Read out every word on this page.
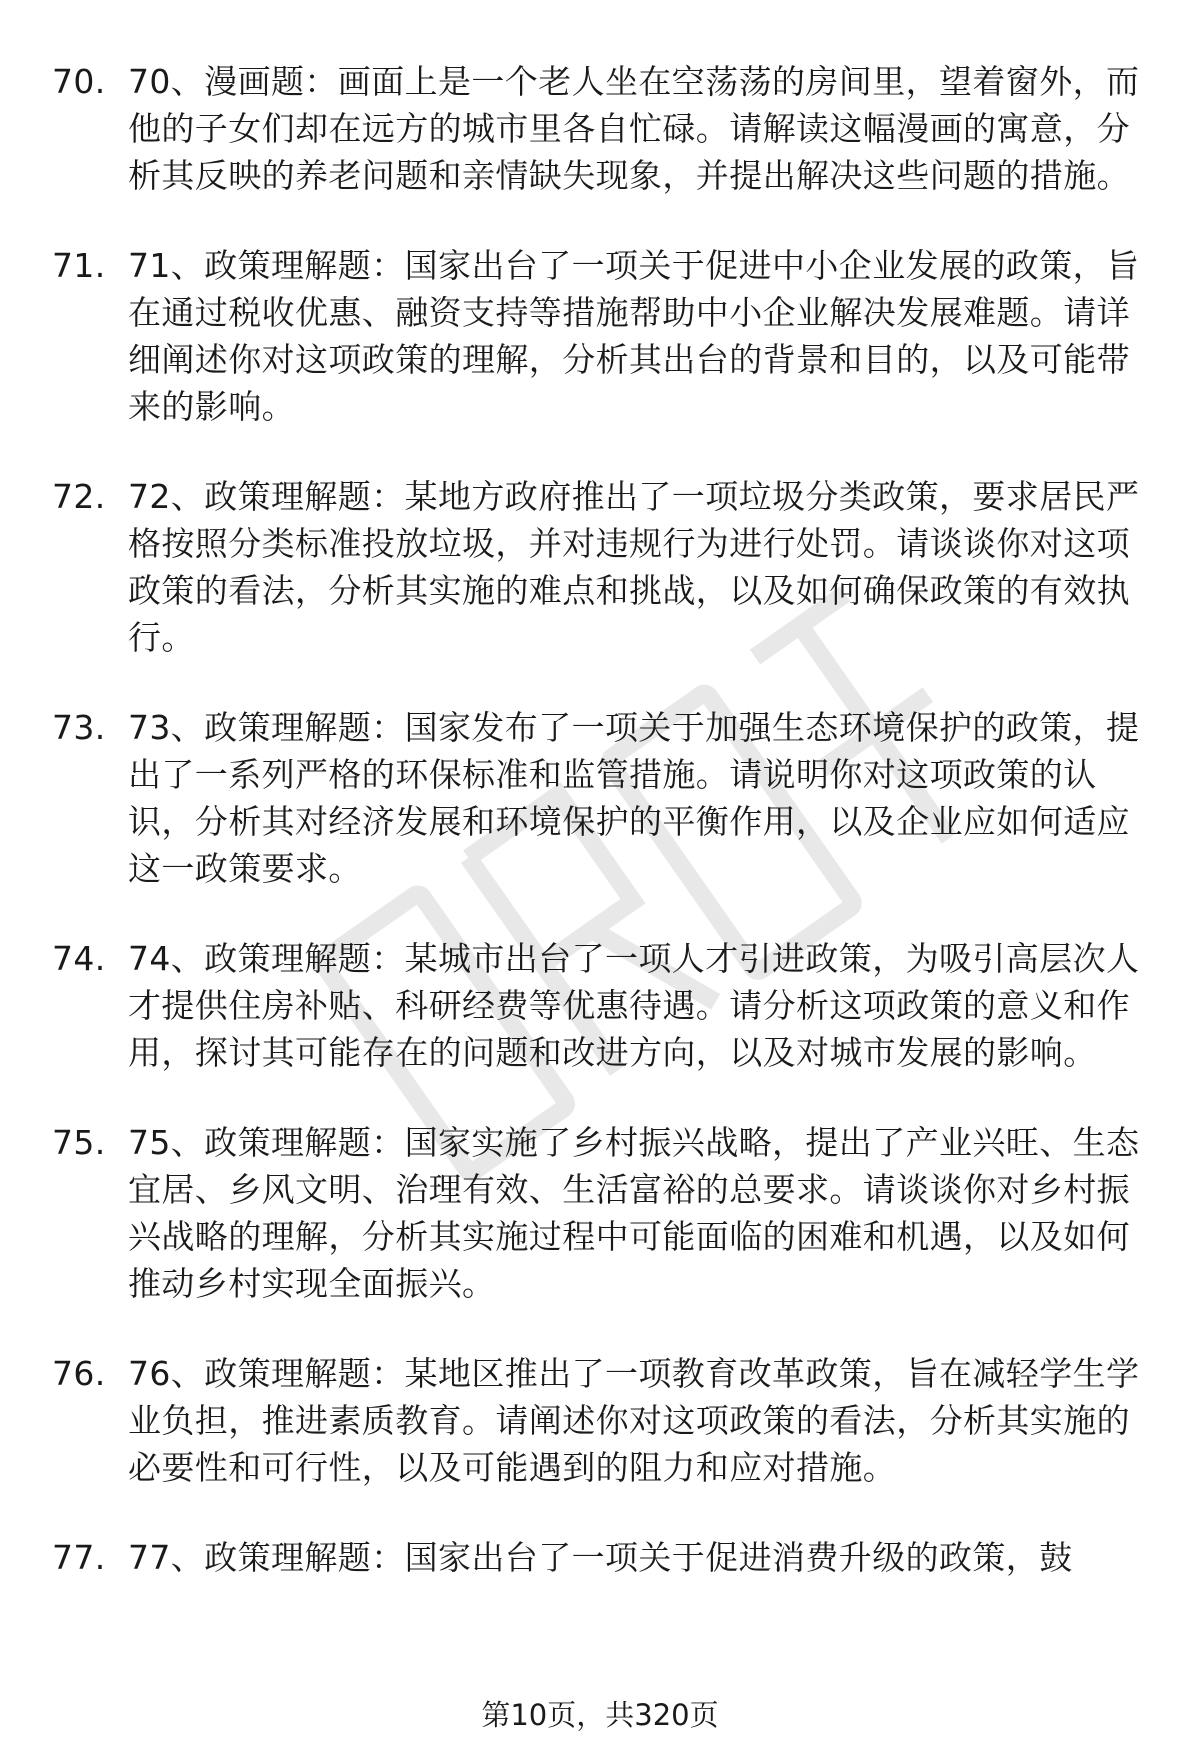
70. 70、漫画题：画面上是一个老人坐在空荡荡的房间里，望着窗外，而他的子女们却在远方的城市里各自忙碌。请解读这幅漫画的寓意，分析其反映的养老问题和亲情缺失现象，并提出解决这些问题的措施。
71. 71、政策理解题：国家出台了一项关于促进中小企业发展的政策，旨在通过税收优惠、融资支持等措施帮助中小企业解决发展难题。请详细阐述你对这项政策的理解，分析其出台的背景和目的，以及可能带来的影响。
72. 72、政策理解题：某地方政府推出了一项垃圾分类政策，要求居民严格按照分类标准投放垃圾，并对违规行为进行处罚。请谈谈你对这项政策的看法，分析其实施的难点和挑战，以及如何确保政策的有效执行。
73. 73、政策理解题：国家发布了一项关于加强生态环境保护的政策，提出了一系列严格的环保标准和监管措施。请说明你对这项政策的认识，分析其对经济发展和环境保护的平衡作用，以及企业应如何适应这一政策要求。
74. 74、政策理解题：某城市出台了一项人才引进政策，为吸引高层次人才提供住房补贴、科研经费等优惠待遇。请分析这项政策的意义和作用，探讨其可能存在的问题和改进方向，以及对城市发展的影响。
75. 75、政策理解题：国家实施了乡村振兴战略，提出了产业兴旺、生态宜居、乡风文明、治理有效、生活富裕的总要求。请谈谈你对乡村振兴战略的理解，分析其实施过程中可能面临的困难和机遇，以及如何推动乡村实现全面振兴。
76. 76、政策理解题：某地区推出了一项教育改革政策，旨在减轻学生学业负担，推进素质教育。请阐述你对这项政策的看法，分析其实施的必要性和可行性，以及可能遇到的阻力和应对措施。
77. 77、政策理解题：国家出台了一项关于促进消费升级的政策，鼓
第10页，共320页
